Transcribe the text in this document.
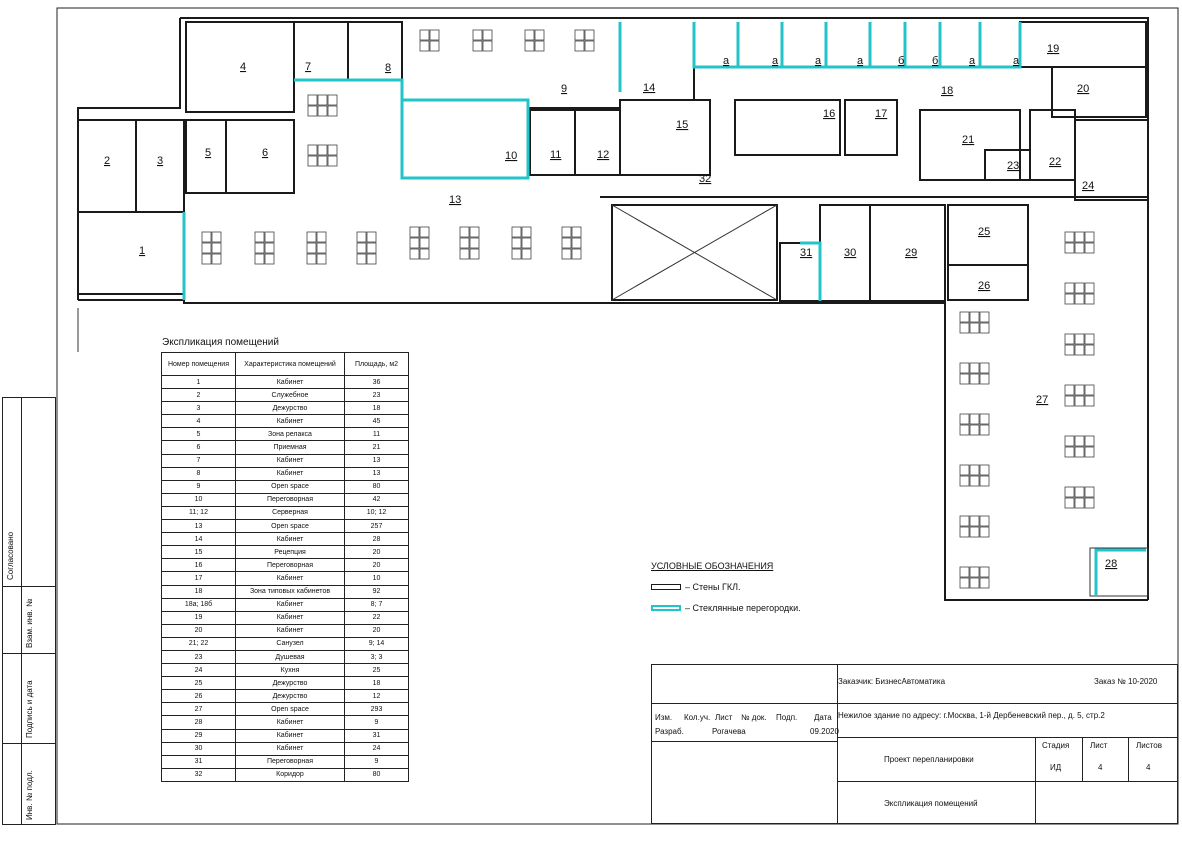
1
2	3
4
5	6
7	8
9
10	11	12
13
14
15
16	17
18
19
20
21
22
23
24
25
26
27
28
29
30
31
32
а	а	а	а	б	б	а	а
Экспликация помещений
Номер помещения	Характеристика помещений	Площадь, м2
1	Кабинет	36
2	Служебное	23
3	Дежурство	18
4	Кабинет	45
5	Зона релакса	11
6	Приемная	21
7	Кабинет	13
8	Кабинет	13
9	Open space	80
10	Переговорная	42
11; 12	Серверная	10; 12
13	Open space	257
14	Кабинет	28
15	Рецепция	20
16	Переговорная	20
17	Кабинет	10
18	Зона типовых кабинетов	92
18а; 18б	Кабинет	8; 7
19	Кабинет	22
20	Кабинет	20
21; 22	Санузел	9; 14
23	Душевая	3; 3
24	Кухня	25
25	Дежурство	18
26	Дежурство	12
27	Open space	293
28	Кабинет	9
29	Кабинет	31
30	Кабинет	24
31	Переговорная	9
32	Коридор	80
УСЛОВНЫЕ ОБОЗНАЧЕНИЯ
– Стены ГКЛ.
– Стеклянные перегородки.
Согласовано
Взам. инв. №
Подпись и дата
Инв. № подл.
Заказчик: БизнесАвтоматика	Заказ № 10-2020
Нежилое здание по адресу: г.Москва, 1-й Дербеневский пер., д. 5, стр.2
Изм. Кол.уч. Лист № док. Подп. Дата
Разраб.	Рогачева	09.2020
Проект перепланировки
Экспликация помещений
Стадия	Лист	Листов
ИД	4	4
